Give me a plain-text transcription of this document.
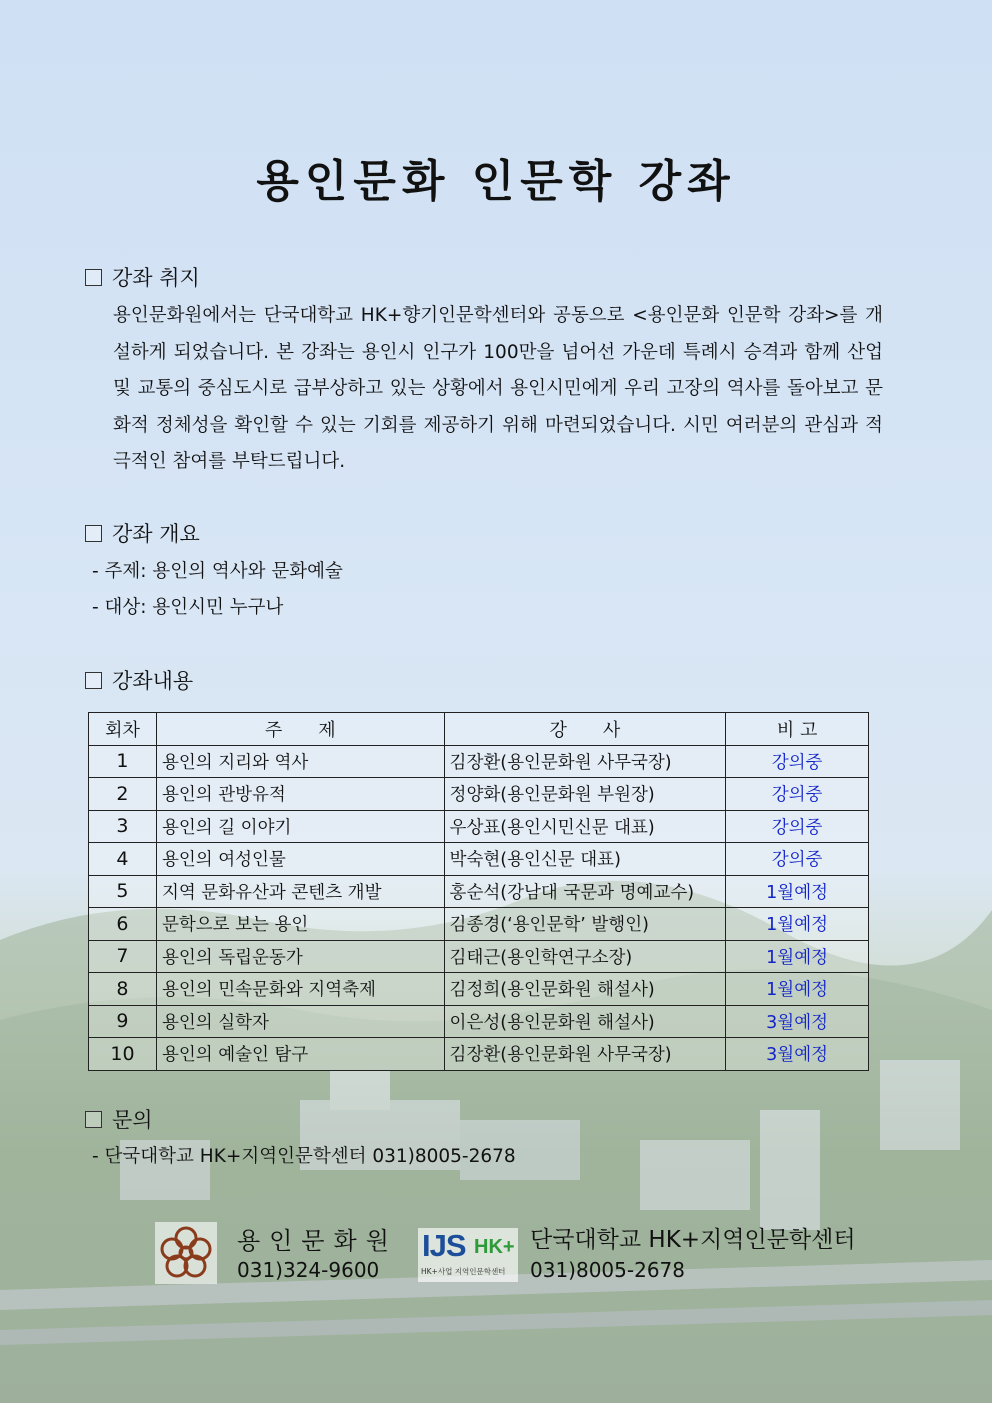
용인문화 인문학 강좌
강좌 취지
용인문화원에서는 단국대학교 HK+향기인문학센터와 공동으로 <용인문화 인문학 강좌>를 개설하게 되었습니다. 본 강좌는 용인시 인구가 100만을 넘어선 가운데 특례시 승격과 함께 산업 및 교통의 중심도시로 급부상하고 있는 상황에서 용인시민에게 우리 고장의 역사를 돌아보고 문화적 정체성을 확인할 수 있는 기회를 제공하기 위해 마련되었습니다. 시민 여러분의 관심과 적극적인 참여를 부탁드립니다.
강좌 개요
- 주제: 용인의 역사와 문화예술
- 대상: 용인시민 누구나
강좌내용
회차	주　　제	강　　사	비 고
1	용인의 지리와 역사	김장환(용인문화원 사무국장)	강의중
2	용인의 관방유적	정양화(용인문화원 부원장)	강의중
3	용인의 길 이야기	우상표(용인시민신문 대표)	강의중
4	용인의 여성인물	박숙현(용인신문 대표)	강의중
5	지역 문화유산과 콘텐츠 개발	홍순석(강남대 국문과 명예교수)	1월예정
6	문학으로 보는 용인	김종경(‘용인문학’ 발행인)	1월예정
7	용인의 독립운동가	김태근(용인학연구소장)	1월예정
8	용인의 민속문화와 지역축제	김정희(용인문화원 해설사)	1월예정
9	용인의 실학자	이은성(용인문화원 해설사)	3월예정
10	용인의 예술인 탐구	김장환(용인문화원 사무국장)	3월예정
문의
- 단국대학교 HK+지역인문학센터 031)8005-2678
용인문화원
031)324-9600
IJS HK+
HK+사업 지역인문학센터
단국대학교 HK+지역인문학센터
031)8005-2678
